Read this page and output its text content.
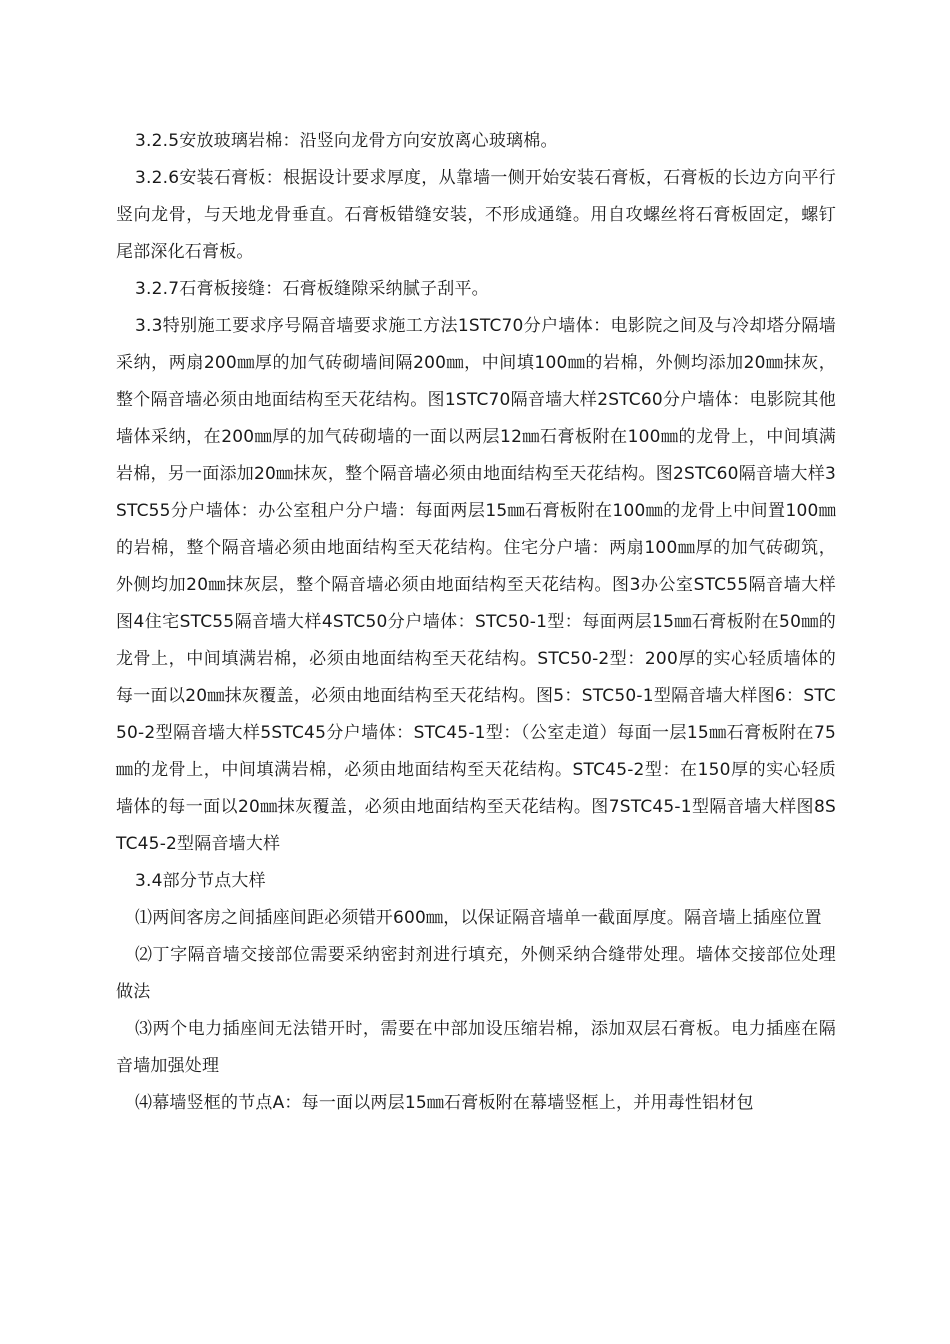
3.2.5安放玻璃岩棉：沿竖向龙骨方向安放离心玻璃棉。

3.2.6安装石膏板：根据设计要求厚度，从靠墙一侧开始安装石膏板，石膏板的长边方向平行竖向龙骨，与天地龙骨垂直。石膏板错缝安装，不形成通缝。用自攻螺丝将石膏板固定，螺钉尾部深化石膏板。

3.2.7石膏板接缝：石膏板缝隙采纳腻子刮平。

3.3特别施工要求序号隔音墙要求施工方法1STC70分户墙体：电影院之间及与冷却塔分隔墙采纳，两扇200㎜厚的加气砖砌墙间隔200㎜，中间填100㎜的岩棉，外侧均添加20㎜抹灰，整个隔音墙必须由地面结构至天花结构。图1STC70隔音墙大样2STC60分户墙体：电影院其他墙体采纳，在200㎜厚的加气砖砌墙的一面以两层12㎜石膏板附在100㎜的龙骨上，中间填满岩棉，另一面添加20㎜抹灰，整个隔音墙必须由地面结构至天花结构。图2STC60隔音墙大样3STC55分户墙体：办公室租户分户墙：每面两层15㎜石膏板附在100㎜的龙骨上中间置100㎜的岩棉，整个隔音墙必须由地面结构至天花结构。住宅分户墙：两扇100㎜厚的加气砖砌筑，外侧均加20㎜抹灰层，整个隔音墙必须由地面结构至天花结构。图3办公室STC55隔音墙大样图4住宅STC55隔音墙大样4STC50分户墙体：STC50-1型：每面两层15㎜石膏板附在50㎜的龙骨上，中间填满岩棉，必须由地面结构至天花结构。STC50-2型：200厚的实心轻质墙体的每一面以20㎜抹灰覆盖，必须由地面结构至天花结构。图5：STC50-1型隔音墙大样图6：STC50-2型隔音墙大样5STC45分户墙体：STC45-1型：（公室走道）每面一层15㎜石膏板附在75㎜的龙骨上，中间填满岩棉，必须由地面结构至天花结构。STC45-2型：在150厚的实心轻质墙体的每一面以20㎜抹灰覆盖，必须由地面结构至天花结构。图7STC45-1型隔音墙大样图8STC45-2型隔音墙大样

3.4部分节点大样

⑴两间客房之间插座间距必须错开600㎜，以保证隔音墙单一截面厚度。隔音墙上插座位置

⑵丁字隔音墙交接部位需要采纳密封剂进行填充，外侧采纳合缝带处理。墙体交接部位处理做法

⑶两个电力插座间无法错开时，需要在中部加设压缩岩棉，添加双层石膏板。电力插座在隔音墙加强处理

⑷幕墙竖框的节点A：每一面以两层15㎜石膏板附在幕墙竖框上，并用毒性铝材包
